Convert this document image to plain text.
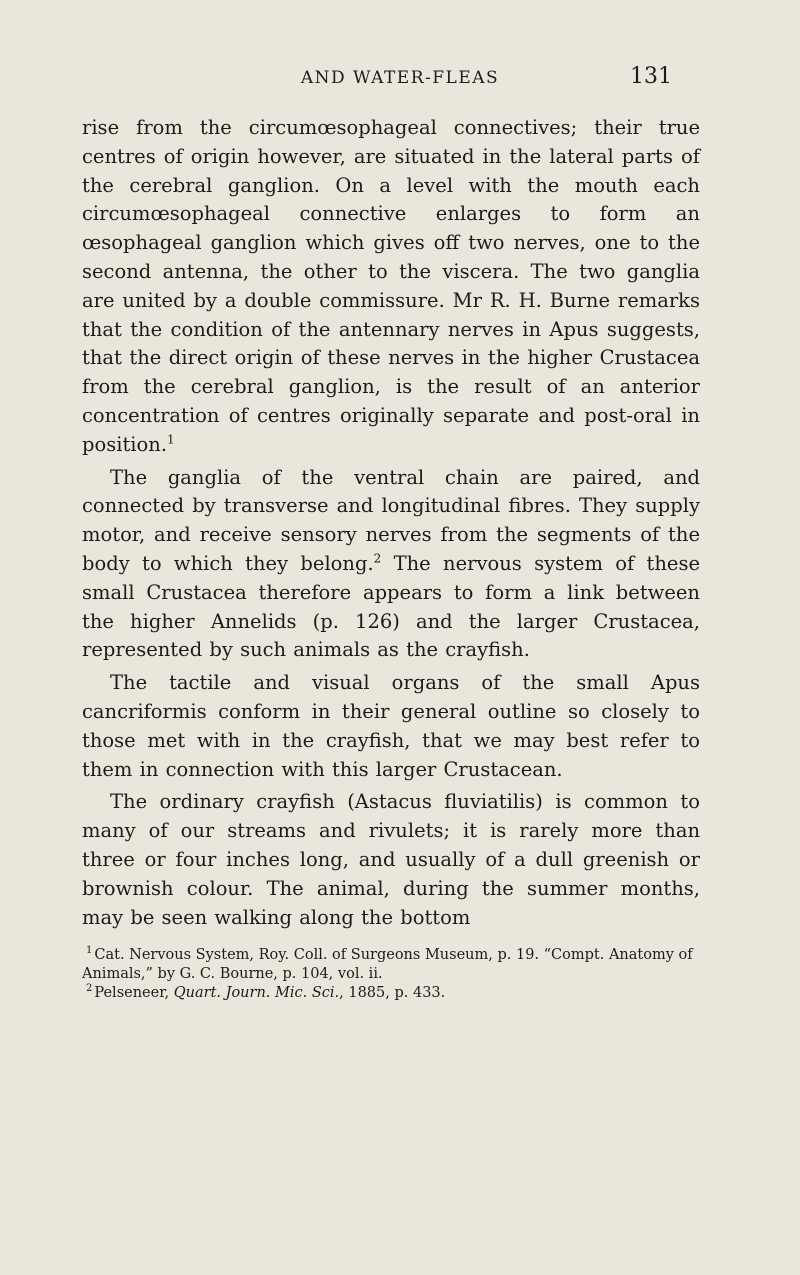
AND WATER-FLEAS	131

rise from the circumœsophageal connectives; their true centres of origin however, are situated in the lateral parts of the cerebral ganglion. On a level with the mouth each circumœsophageal connective enlarges to form an œsophageal ganglion which gives off two nerves, one to the second antenna, the other to the viscera. The two ganglia are united by a double commissure. Mr R. H. Burne remarks that the condition of the antennary nerves in Apus suggests, that the direct origin of these nerves in the higher Crustacea from the cerebral ganglion, is the result of an anterior concentration of centres originally separate and post-oral in position.$^1$

The ganglia of the ventral chain are paired, and connected by transverse and longitudinal fibres. They supply motor, and receive sensory nerves from the segments of the body to which they belong.$^2$ The nervous system of these small Crustacea therefore appears to form a link between the higher Annelids (p. 126) and the larger Crustacea, represented by such animals as the crayfish.

The tactile and visual organs of the small Apus cancriformis conform in their general outline so closely to those met with in the crayfish, that we may best refer to them in connection with this larger Crustacean.

The ordinary crayfish (Astacus fluviatilis) is common to many of our streams and rivulets; it is rarely more than three or four inches long, and usually of a dull greenish or brownish colour. The animal, during the summer months, may be seen walking along the bottom

$^1$ Cat. Nervous System, Roy. Coll. of Surgeons Museum, p. 19. “Compt. Anatomy of Animals,” by G. C. Bourne, p. 104, vol. ii.

$^2$ Pelseneer, Quart. Journ. Mic. Sci., 1885, p. 433.
